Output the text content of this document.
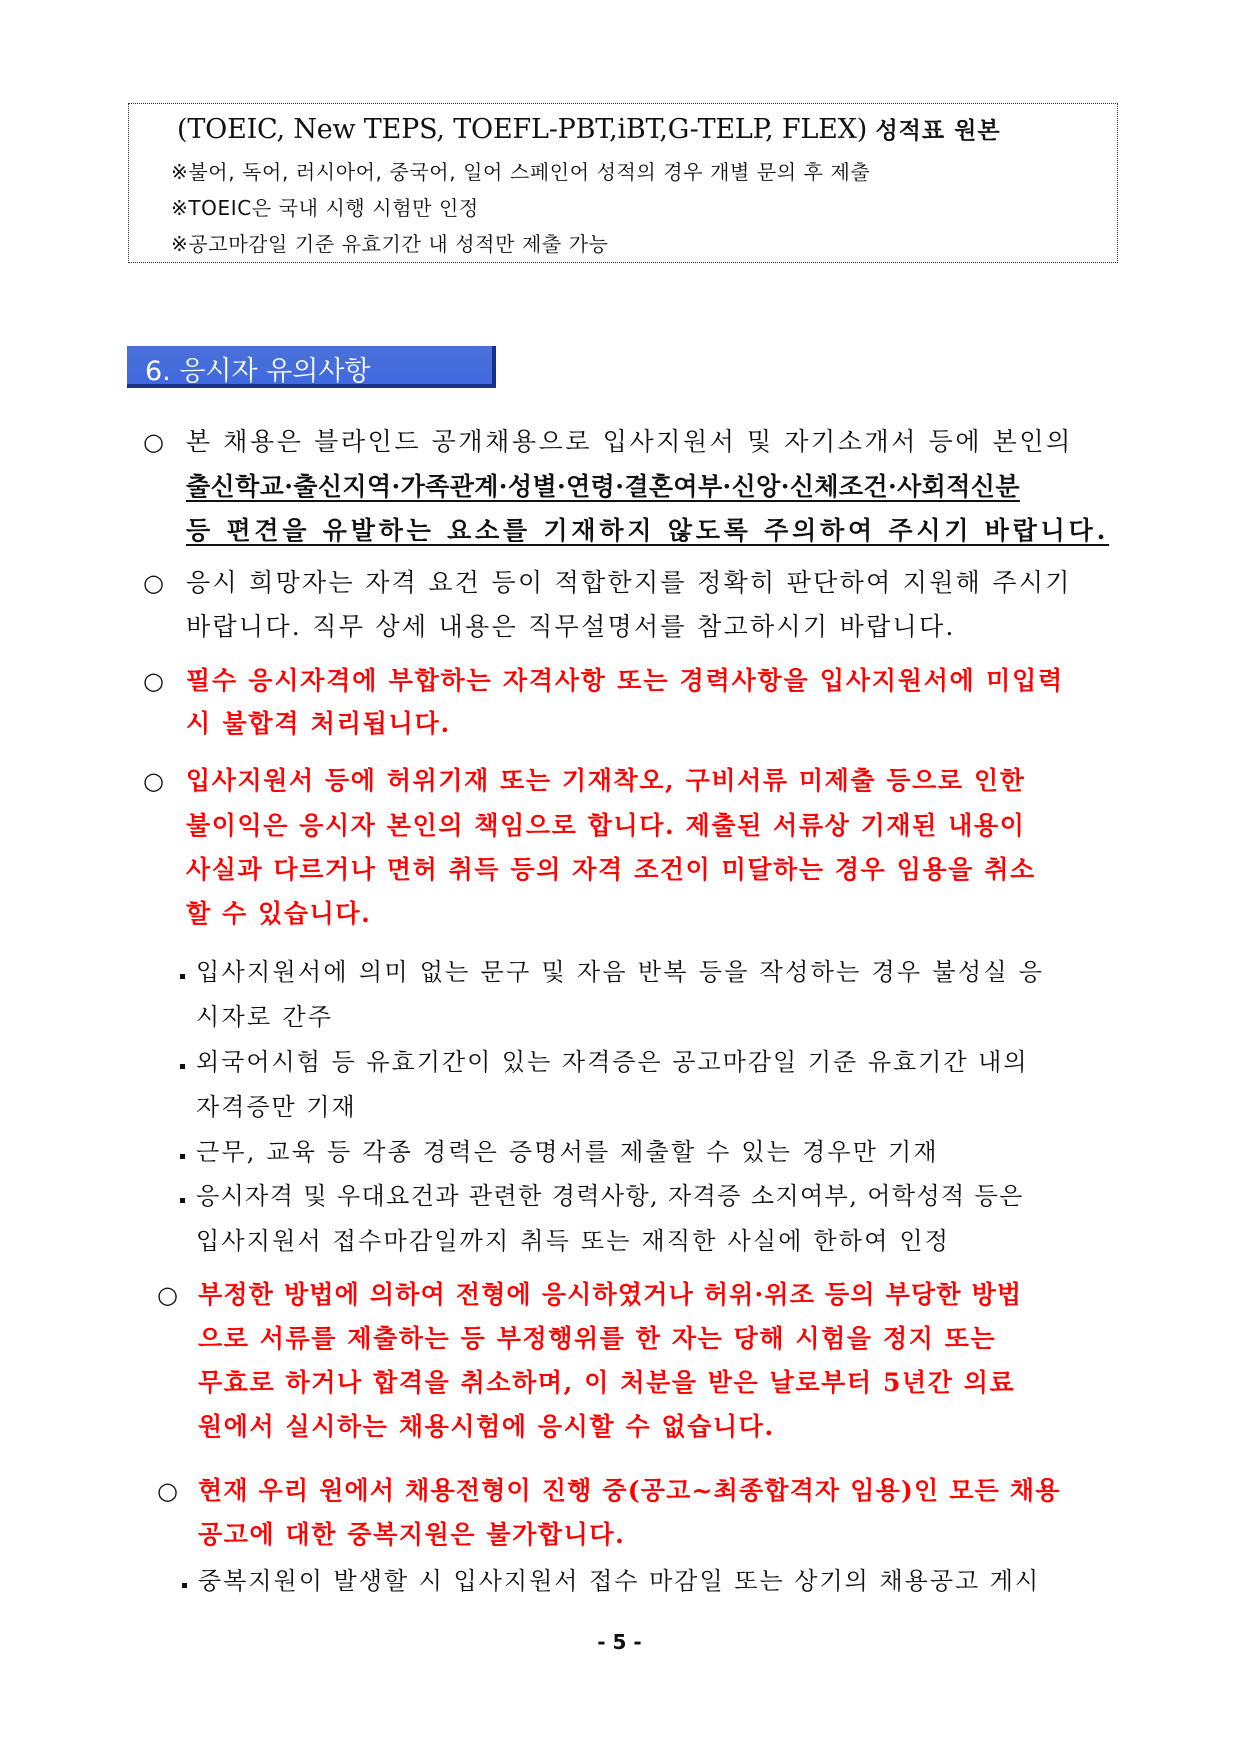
(TOEIC, New TEPS, TOEFL-PBT,iBT,G-TELP, FLEX) 성적표 원본
※불어, 독어, 러시아어, 중국어, 일어 스페인어 성적의 경우 개별 문의 후 제출
※TOEIC은 국내 시행 시험만 인정
※공고마감일 기준 유효기간 내 성적만 제출 가능
6. 응시자 유의사항
○ 본 채용은 블라인드 공개채용으로 입사지원서 및 자기소개서 등에 본인의
출신학교·출신지역·가족관계·성별·연령·결혼여부·신앙·신체조건·사회적신분
등 편견을 유발하는 요소를 기재하지 않도록 주의하여 주시기 바랍니다.
○ 응시 희망자는 자격 요건 등이 적합한지를 정확히 판단하여 지원해 주시기
바랍니다. 직무 상세 내용은 직무설명서를 참고하시기 바랍니다.
○ 필수 응시자격에 부합하는 자격사항 또는 경력사항을 입사지원서에 미입력
시 불합격 처리됩니다.
○ 입사지원서 등에 허위기재 또는 기재착오, 구비서류 미제출 등으로 인한
불이익은 응시자 본인의 책임으로 합니다. 제출된 서류상 기재된 내용이
사실과 다르거나 면허 취득 등의 자격 조건이 미달하는 경우 임용을 취소
할 수 있습니다.
입사지원서에 의미 없는 문구 및 자음 반복 등을 작성하는 경우 불성실 응
시자로 간주
외국어시험 등 유효기간이 있는 자격증은 공고마감일 기준 유효기간 내의
자격증만 기재
근무, 교육 등 각종 경력은 증명서를 제출할 수 있는 경우만 기재
응시자격 및 우대요건과 관련한 경력사항, 자격증 소지여부, 어학성적 등은
입사지원서 접수마감일까지 취득 또는 재직한 사실에 한하여 인정
○ 부정한 방법에 의하여 전형에 응시하였거나 허위·위조 등의 부당한 방법
으로 서류를 제출하는 등 부정행위를 한 자는 당해 시험을 정지 또는
무효로 하거나 합격을 취소하며, 이 처분을 받은 날로부터 5년간 의료
원에서 실시하는 채용시험에 응시할 수 없습니다.
○ 현재 우리 원에서 채용전형이 진행 중(공고~최종합격자 임용)인 모든 채용
공고에 대한 중복지원은 불가합니다.
중복지원이 발생할 시 입사지원서 접수 마감일 또는 상기의 채용공고 게시
- 5 -
